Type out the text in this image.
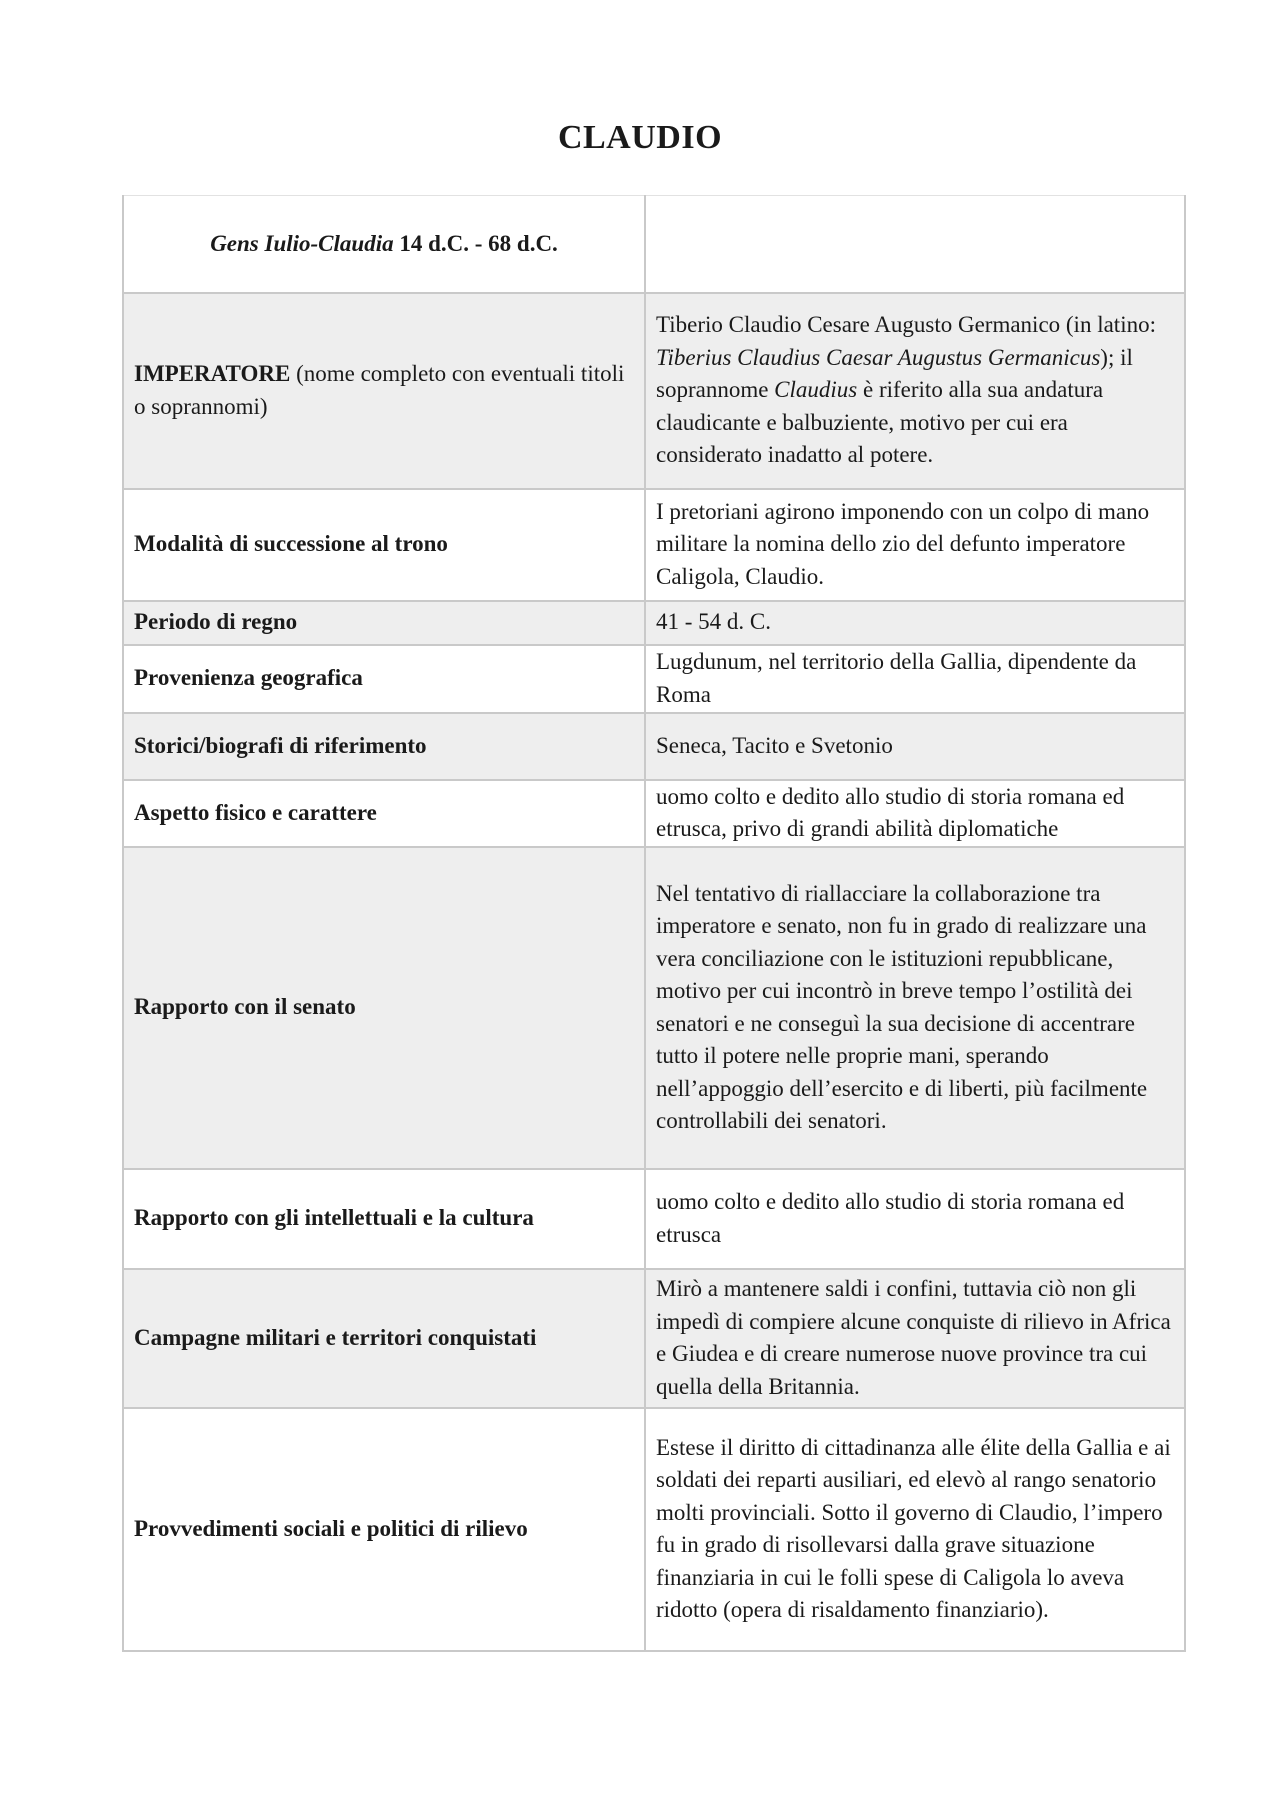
CLAUDIO
Gens Iulio-Claudia 14 d.C. - 68 d.C.	
IMPERATORE (nome completo con eventuali titoli o soprannomi)	Tiberio Claudio Cesare Augusto Germanico (in latino: Tiberius Claudius Caesar Augustus Germanicus); il soprannome Claudius è riferito alla sua andatura claudicante e balbuziente, motivo per cui era considerato inadatto al potere.
Modalità di successione al trono	I pretoriani agirono imponendo con un colpo di mano militare la nomina dello zio del defunto imperatore Caligola, Claudio.
Periodo di regno	41 - 54 d. C.
Provenienza geografica	Lugdunum, nel territorio della Gallia, dipendente da Roma
Storici/biografi di riferimento	Seneca, Tacito e Svetonio
Aspetto fisico e carattere	uomo colto e dedito allo studio di storia romana ed etrusca, privo di grandi abilità diplomatiche
Rapporto con il senato	Nel tentativo di riallacciare la collaborazione tra imperatore e senato, non fu in grado di realizzare una vera conciliazione con le istituzioni repubblicane, motivo per cui incontrò in breve tempo l’ostilità dei senatori e ne conseguì la sua decisione di accentrare tutto il potere nelle proprie mani, sperando nell’appoggio dell’esercito e di liberti, più facilmente controllabili dei senatori.
Rapporto con gli intellettuali e la cultura	uomo colto e dedito allo studio di storia romana ed etrusca
Campagne militari e territori conquistati	Mirò a mantenere saldi i confini, tuttavia ciò non gli impedì di compiere alcune conquiste di rilievo in Africa e Giudea e di creare numerose nuove province tra cui quella della Britannia.
Provvedimenti sociali e politici di rilievo	Estese il diritto di cittadinanza alle élite della Gallia e ai soldati dei reparti ausiliari, ed elevò al rango senatorio molti provinciali. Sotto il governo di Claudio, l’impero fu in grado di risollevarsi dalla grave situazione finanziaria in cui le folli spese di Caligola lo aveva ridotto (opera di risaldamento finanziario).
